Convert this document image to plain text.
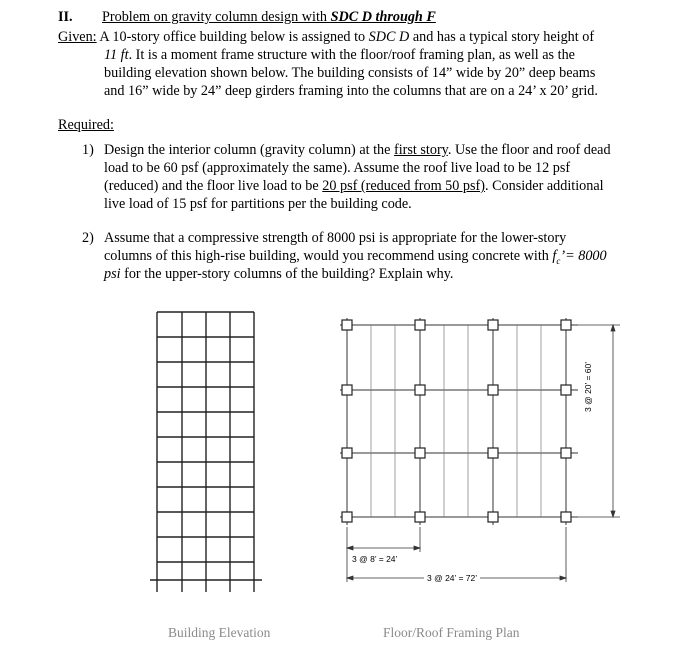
II. Problem on gravity column design with SDC D through F
Given: A 10-story office building below is assigned to SDC D and has a typical story height of
11 ft. It is a moment frame structure with the floor/roof framing plan, as well as the
building elevation shown below. The building consists of 14” wide by 20” deep beams
and 16” wide by 24” deep girders framing into the columns that are on a 24’ x 20’ grid.
Required:
1) Design the interior column (gravity column) at the first story. Use the floor and roof dead
load to be 60 psf (approximately the same). Assume the roof live load to be 12 psf
(reduced) and the floor live load to be 20 psf (reduced from 50 psf). Consider additional
live load of 15 psf for partitions per the building code.
2) Assume that a compressive strength of 8000 psi is appropriate for the lower-story
columns of this high-rise building, would you recommend using concrete with $f_c’= 8000$
psi for the upper-story columns of the building? Explain why.
3 @ 8’ = 24’
3 @ 24’ = 72’
3 @ 20’ = 60’
Building Elevation	Floor/Roof Framing Plan
